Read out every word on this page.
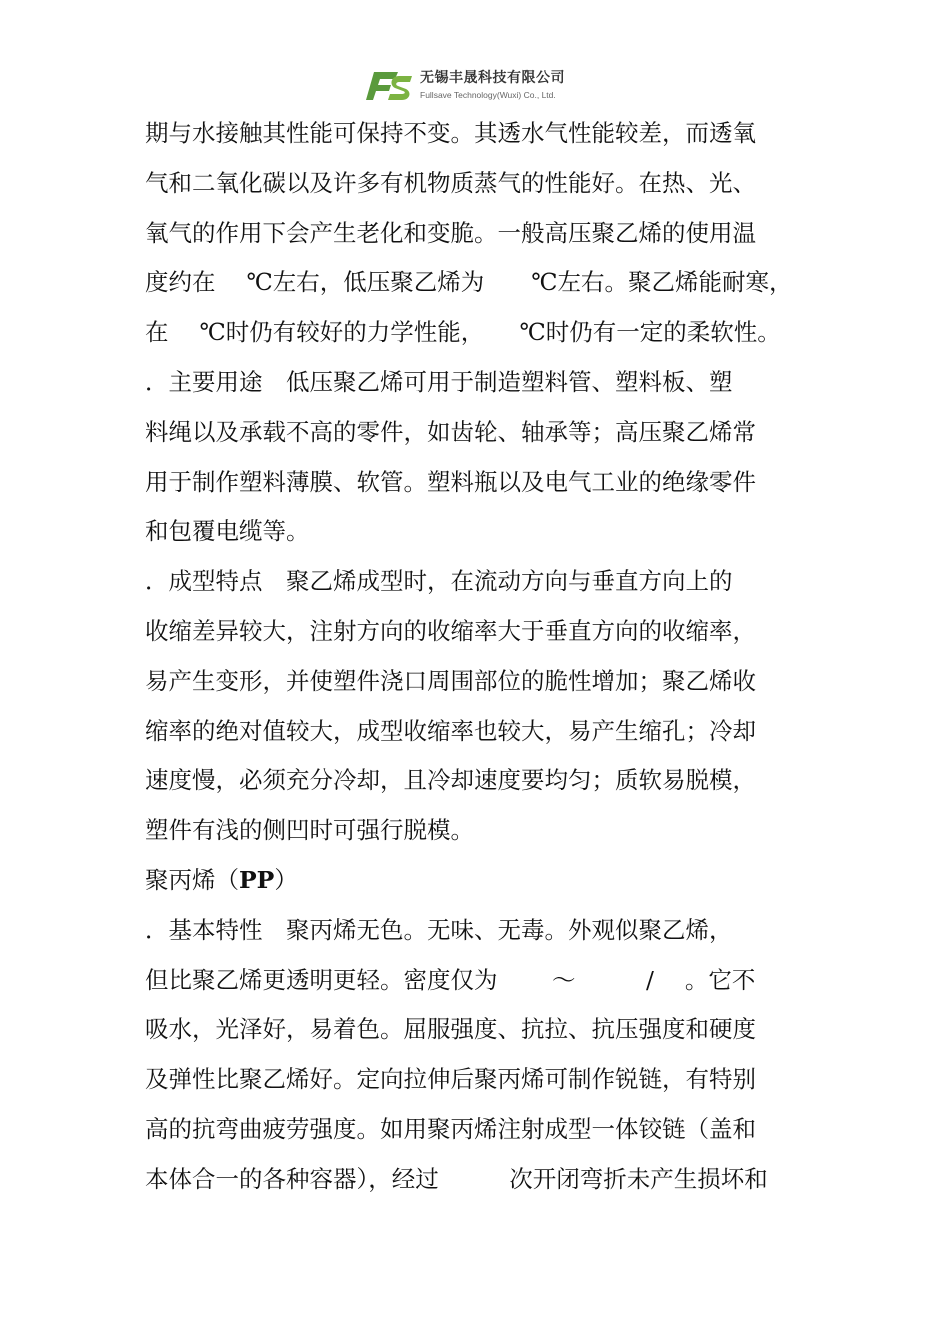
无锡丰晟科技有限公司
Fullsave Technology(Wuxi) Co., Ltd.
期与水接触其性能可保持不变。其透水气性能较差，而透氧
气和二氧化碳以及许多有机物质蒸气的性能好。在热、光、
氧气的作用下会产生老化和变脆。一般高压聚乙烯的使用温
度约在　 ℃左右，低压聚乙烯为　　℃左右。聚乙烯能耐寒，
在　 ℃时仍有较好的力学性能，　　℃时仍有一定的柔软性。
．主要用途　低压聚乙烯可用于制造塑料管、塑料板、塑
料绳以及承载不高的零件，如齿轮、轴承等；高压聚乙烯常
用于制作塑料薄膜、软管。塑料瓶以及电气工业的绝缘零件
和包覆电缆等。
．成型特点　聚乙烯成型时，在流动方向与垂直方向上的
收缩差异较大，注射方向的收缩率大于垂直方向的收缩率，
易产生变形，并使塑件浇口周围部位的脆性增加；聚乙烯收
缩率的绝对值较大，成型收缩率也较大，易产生缩孔；冷却
速度慢，必须充分冷却，且冷却速度要均匀；质软易脱模，
塑件有浅的侧凹时可强行脱模。
聚丙烯（PP）
．基本特性　聚丙烯无色。无味、无毒。外观似聚乙烯，
但比聚乙烯更透明更轻。密度仅为　　 ～　　　/　 。它不
吸水，光泽好，易着色。屈服强度、抗拉、抗压强度和硬度
及弹性比聚乙烯好。定向拉伸后聚丙烯可制作锐链，有特别
高的抗弯曲疲劳强度。如用聚丙烯注射成型一体铰链（盖和
本体合一的各种容器），经过　　　次开闭弯折未产生损坏和
